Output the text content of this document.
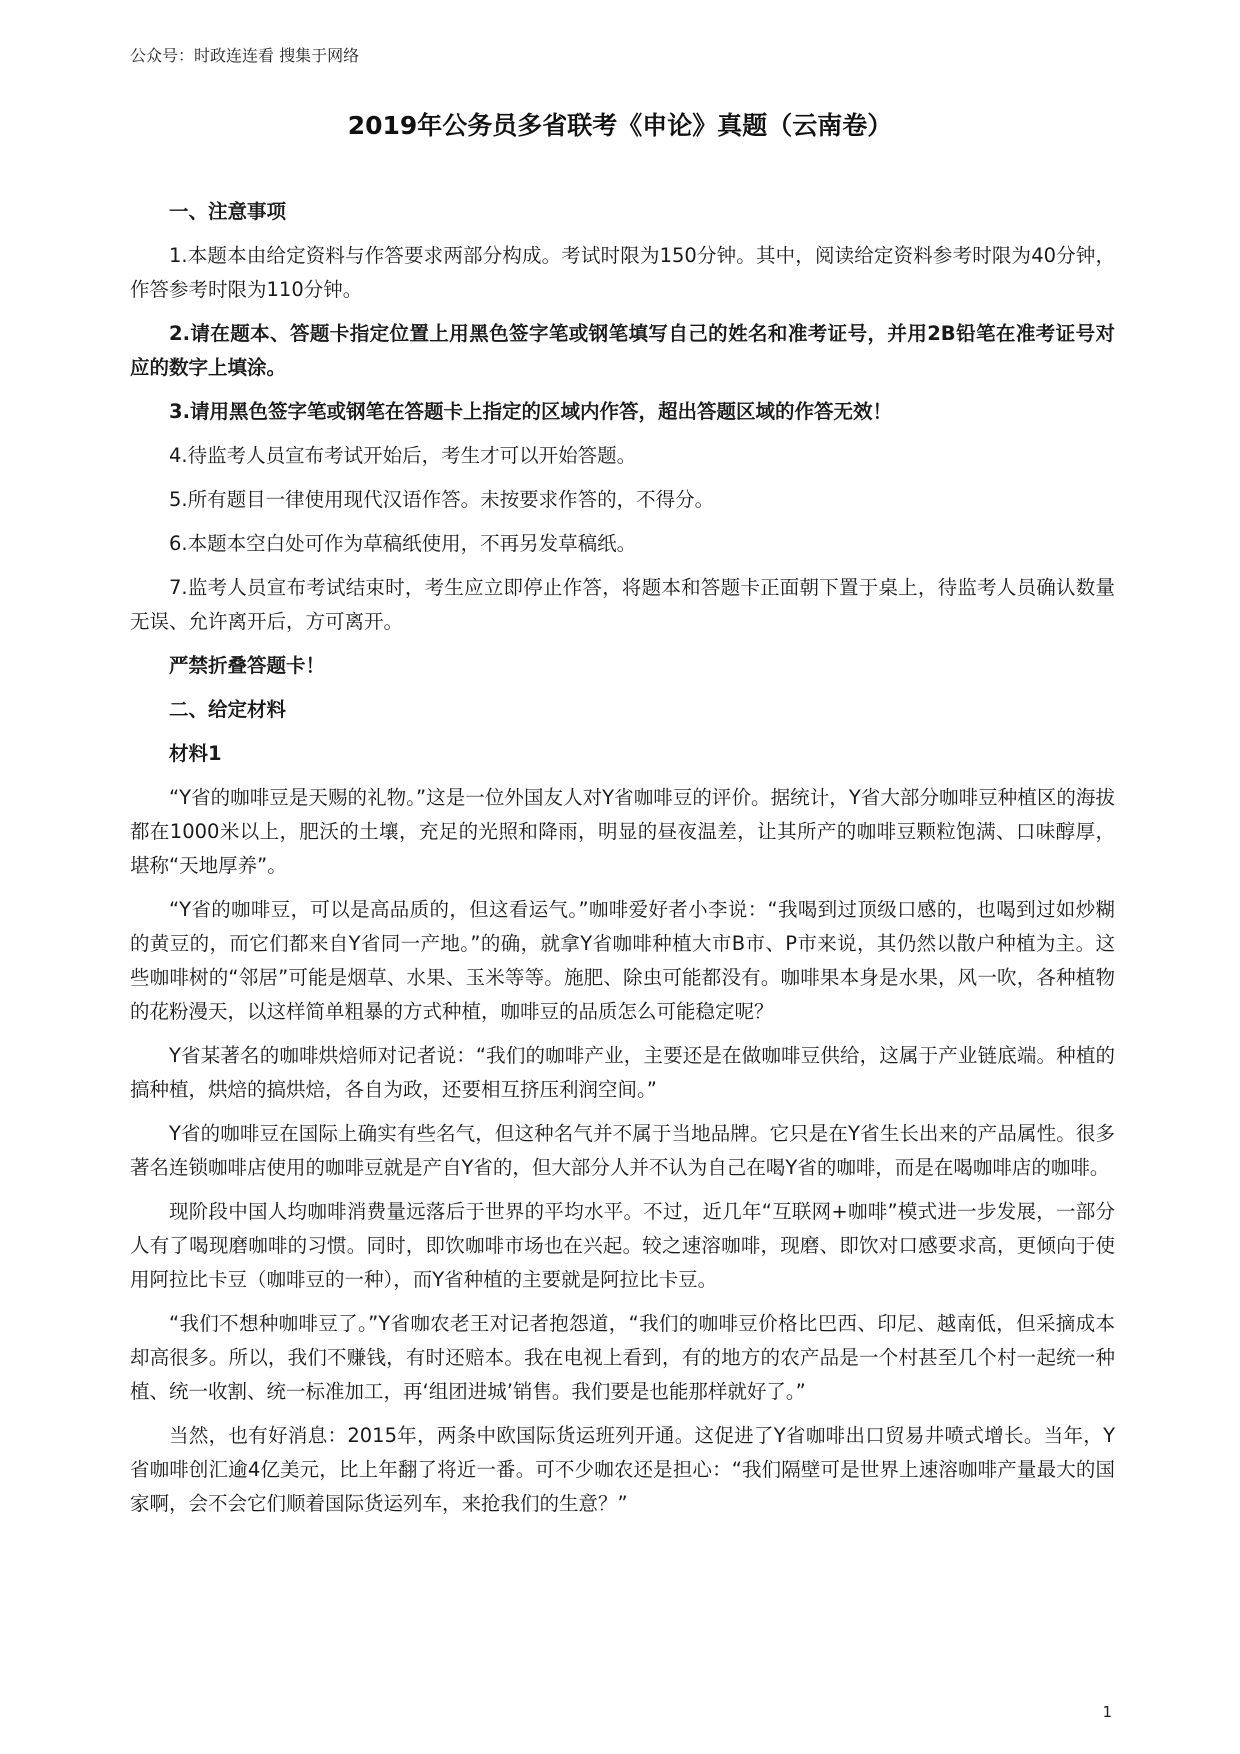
公众号：时政连连看 搜集于网络
2019年公务员多省联考《申论》真题（云南卷）

一、注意事项

1.本题本由给定资料与作答要求两部分构成。考试时限为150分钟。其中，阅读给定资料参考时限为40分钟，作答参考时限为110分钟。

2.请在题本、答题卡指定位置上用黑色签字笔或钢笔填写自己的姓名和准考证号，并用2B铅笔在准考证号对应的数字上填涂。

3.请用黑色签字笔或钢笔在答题卡上指定的区域内作答，超出答题区域的作答无效！

4.待监考人员宣布考试开始后，考生才可以开始答题。

5.所有题目一律使用现代汉语作答。未按要求作答的，不得分。

6.本题本空白处可作为草稿纸使用，不再另发草稿纸。

7.监考人员宣布考试结束时，考生应立即停止作答，将题本和答题卡正面朝下置于桌上，待监考人员确认数量无误、允许离开后，方可离开。

严禁折叠答题卡！

二、给定材料

材料1

“Y省的咖啡豆是天赐的礼物。”这是一位外国友人对Y省咖啡豆的评价。据统计，Y省大部分咖啡豆种植区的海拔都在1000米以上，肥沃的土壤，充足的光照和降雨，明显的昼夜温差，让其所产的咖啡豆颗粒饱满、口味醇厚，堪称“天地厚养”。

“Y省的咖啡豆，可以是高品质的，但这看运气。”咖啡爱好者小李说：“我喝到过顶级口感的，也喝到过如炒糊的黄豆的，而它们都来自Y省同一产地。”的确，就拿Y省咖啡种植大市B市、P市来说，其仍然以散户种植为主。这些咖啡树的“邻居”可能是烟草、水果、玉米等等。施肥、除虫可能都没有。咖啡果本身是水果，风一吹，各种植物的花粉漫天，以这样简单粗暴的方式种植，咖啡豆的品质怎么可能稳定呢？

Y省某著名的咖啡烘焙师对记者说：“我们的咖啡产业，主要还是在做咖啡豆供给，这属于产业链底端。种植的搞种植，烘焙的搞烘焙，各自为政，还要相互挤压利润空间。”

Y省的咖啡豆在国际上确实有些名气，但这种名气并不属于当地品牌。它只是在Y省生长出来的产品属性。很多著名连锁咖啡店使用的咖啡豆就是产自Y省的，但大部分人并不认为自己在喝Y省的咖啡，而是在喝咖啡店的咖啡。

现阶段中国人均咖啡消费量远落后于世界的平均水平。不过，近几年“互联网+咖啡”模式进一步发展，一部分人有了喝现磨咖啡的习惯。同时，即饮咖啡市场也在兴起。较之速溶咖啡，现磨、即饮对口感要求高，更倾向于使用阿拉比卡豆（咖啡豆的一种），而Y省种植的主要就是阿拉比卡豆。

“我们不想种咖啡豆了。”Y省咖农老王对记者抱怨道，“我们的咖啡豆价格比巴西、印尼、越南低，但采摘成本却高很多。所以，我们不赚钱，有时还赔本。我在电视上看到，有的地方的农产品是一个村甚至几个村一起统一种植、统一收割、统一标准加工，再‘组团进城’销售。我们要是也能那样就好了。”

当然，也有好消息：2015年，两条中欧国际货运班列开通。这促进了Y省咖啡出口贸易井喷式增长。当年，Y省咖啡创汇逾4亿美元，比上年翻了将近一番。可不少咖农还是担心：“我们隔壁可是世界上速溶咖啡产量最大的国家啊，会不会它们顺着国际货运列车，来抢我们的生意？”

1
